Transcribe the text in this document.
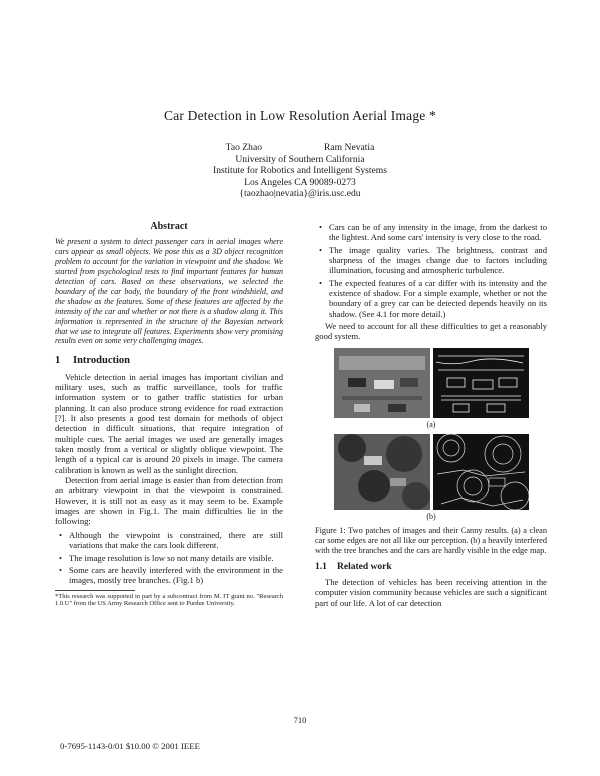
Car Detection in Low Resolution Aerial Image *
Tao Zhao	Ram Nevatia
University of Southern California
Institute for Robotics and Intelligent Systems
Los Angeles CA 90089-0273
{taozhao|nevatia}@iris.usc.edu
Abstract

We present a system to detect passenger cars in aerial images where cars appear as small objects. We pose this as a 3D object recognition problem to account for the variation in viewpoint and the shadow. We started from psychological tests to find important features for human detection of cars. Based on these observations, we selected the boundary of the car body, the boundary of the front windshield, and the shadow as the features. Some of these features are affected by the intensity of the car and whether or not there is a shadow along it. This information is represented in the structure of the Bayesian network that we use to integrate all features. Experiments show very promising results even on some very challenging images.

1 Introduction

Vehicle detection in aerial images has important civilian and military uses, such as traffic surveillance, tools for traffic information system or to gather traffic statistics for urban planning. It can also produce strong evidence for road extraction [?]. It also presents a good test domain for methods of object detection in difficult situations, that require integration of multiple cues. The aerial images we used are generally images taken mostly from a vertical or slightly oblique viewpoint. The length of a typical car is around 20 pixels in image. The camera calibration is known as well as the sunlight direction.

Detection from aerial image is easier than from detection from an arbitrary viewpoint in that the viewpoint is constrained. However, it is still not as easy as it may seem to be. Example images are shown in Fig.1. The main difficulties lie in the following:

• Although the viewpoint is constrained, there are still variations that make the cars look different.
• The image resolution is low so not many details are visible.
• Some cars are heavily interfered with the environment in the images, mostly tree branches. (Fig.1 b)
*This research was supported in part by a subcontract from M. IT grant no. "Research 1.0.U" from the US Army Research Office sent to Purdue University.
• Cars can be of any intensity in the image, from the darkest to the lightest. And some cars' intensity is very close to the road.
• The image quality varies. The brightness, contrast and sharpness of the images change due to factors including illumination, focusing and atmospheric turbulence.
• The expected features of a car differ with its intensity and the existence of shadow. For a simple example, whether or not the boundary of a grey car can be detected depends heavily on its shadow. (See 4.1 for more detail.)

We need to account for all these difficulties to get a reasonably good system.

(a)
(b)
Figure 1: Two patches of images and their Canny results. (a) a clean car some edges are not all like our perception. (b) a heavily interfered with the tree branches and the cars are hardly visible in the edge map.
1.1 Related work

The detection of vehicles has been receiving attention in the computer vision community because vehicles are such a significant part of our life. A lot of car detection

710
0-7695-1143-0/01 $10.00 © 2001 IEEE
